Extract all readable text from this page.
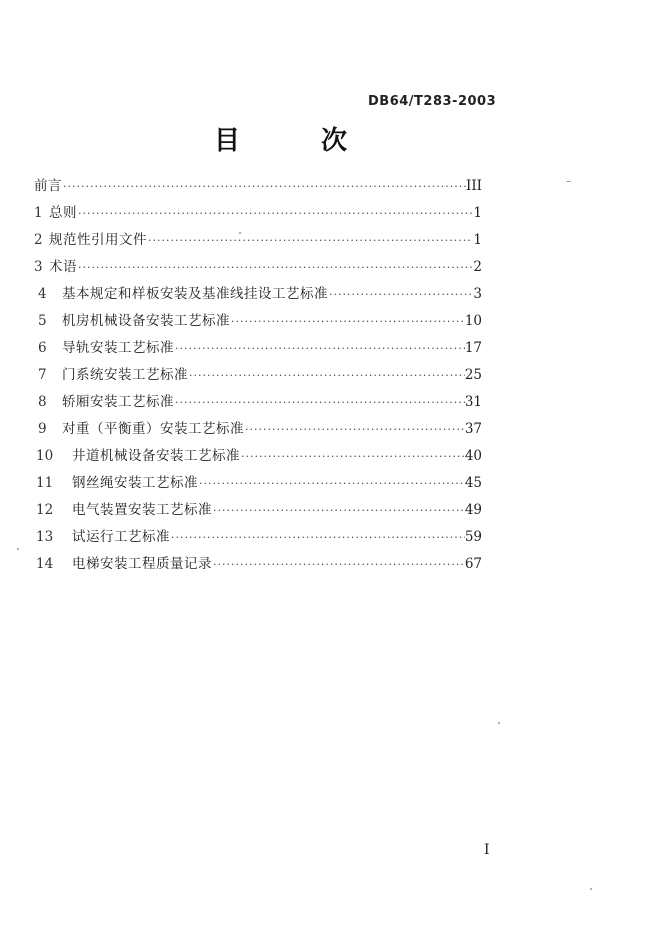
DB64/T283-2003
目 次
前言 ·····	III
1 总则 ·····	1
2 规范性引用文件 ·····	1
3 术语 ·····	2
4	基本规定和样板安装及基准线挂设工艺标准 ·····	3
5	机房机械设备安装工艺标准 ·····	10
6	导轨安装工艺标准 ·····	17
7	门系统安装工艺标准 ·····	25
8	轿厢安装工艺标准 ·····	31
9	对重（平衡重）安装工艺标准 ·····	37
10	井道机械设备安装工艺标准 ·····	40
11	钢丝绳安装工艺标准 ·····	45
12	电气装置安装工艺标准 ·····	49
13	试运行工艺标准 ·····	59
14	电梯安装工程质量记录 ·····	67
I
